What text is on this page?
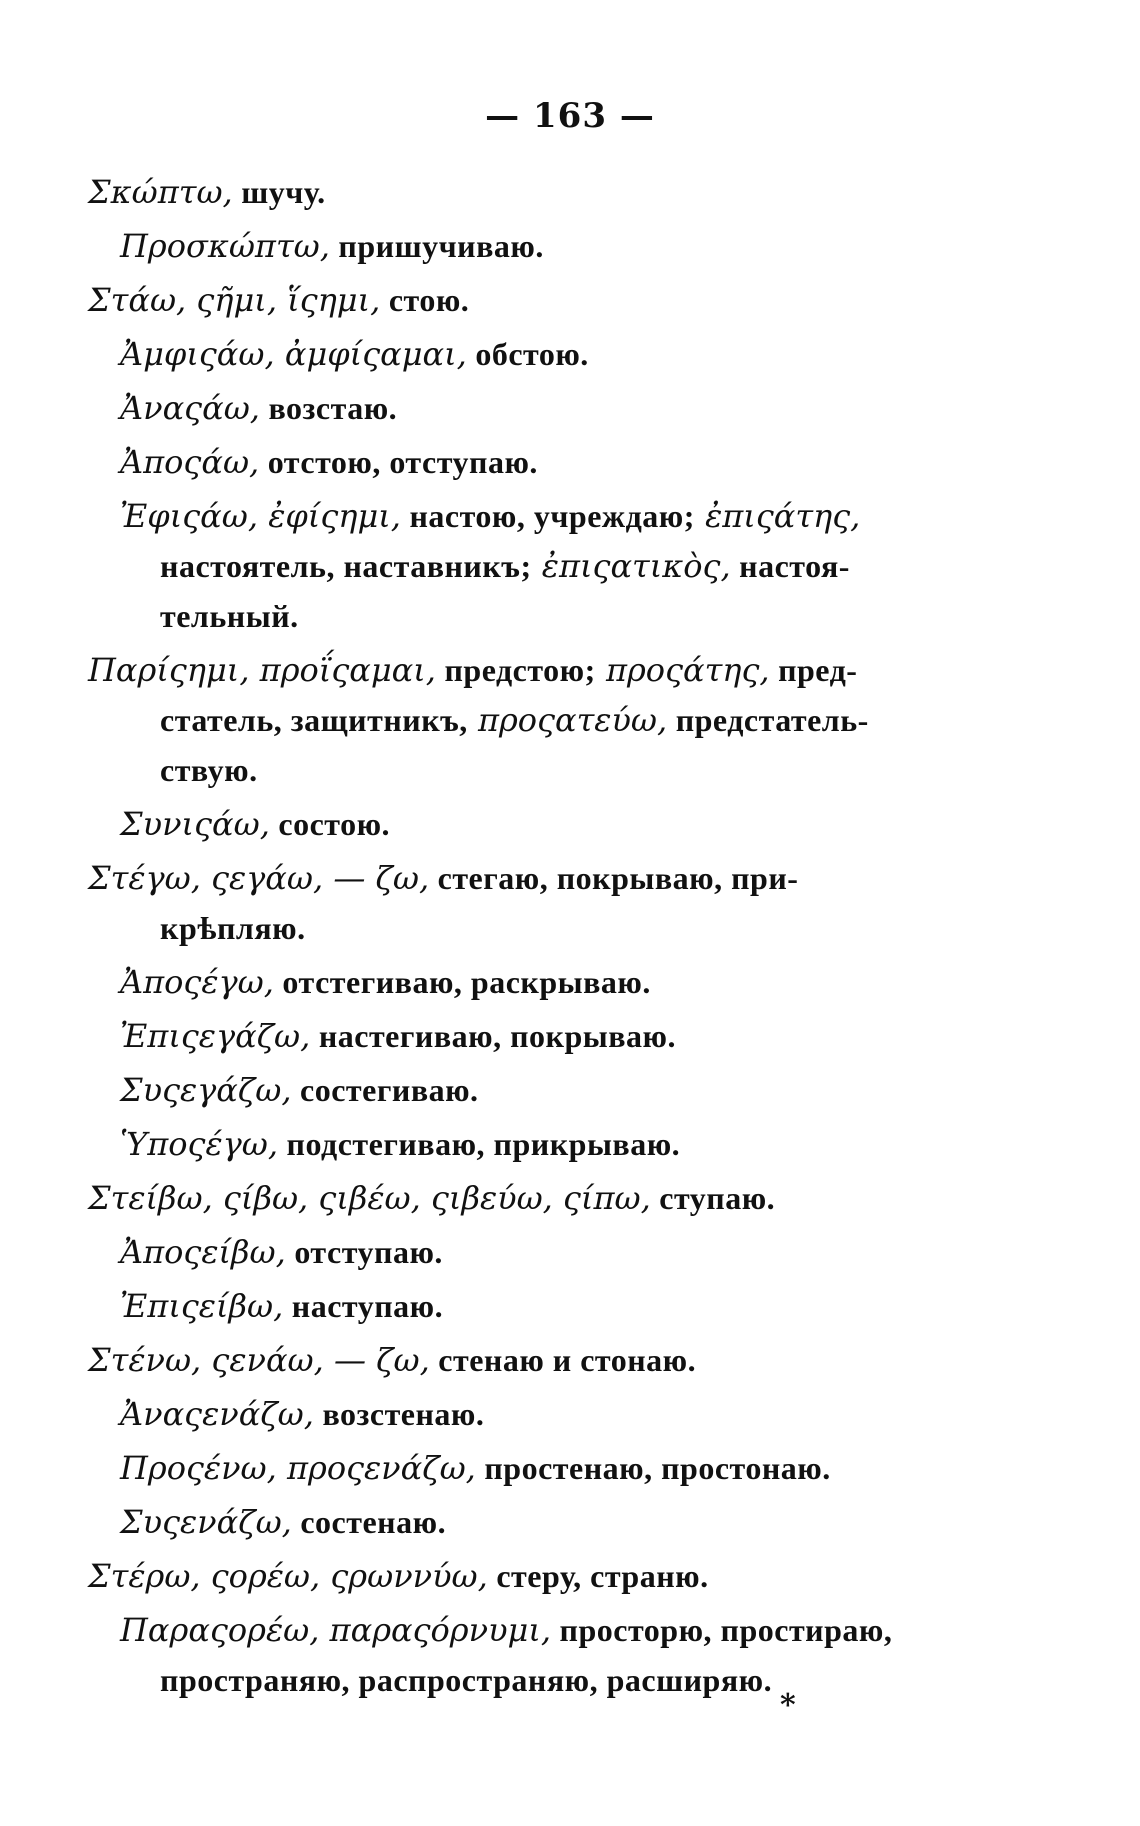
— 163 —
Σκώπτω, шучу.
Προσκώπτω, пришучиваю.
Στάω, ςῆμι, ἵςημι, стою.
Ἀμφιςάω, ἀμφίςαμαι, обстою.
Ἀναςάω, возстаю.
Ἀποςάω, отстою, отступаю.
Ἐφιςάω, ἐφίςημι, настою, учреждаю; ἐπιςάτης,
настоятель, наставникъ; ἐπιςατικὸς, настоя-
тельный.
Παρίςημι, προΐςαμαι, предстою; προςάτης, пред-
статель, защитникъ, προςατεύω, предстатель-
ствую.
Συνιςάω, состою.
Στέγω, ςεγάω, — ζω, стегаю, покрываю, при-
крѣпляю.
Ἀποςέγω, отстегиваю, раскрываю.
Ἐπιςεγάζω, настегиваю, покрываю.
Συςεγάζω, состегиваю.
Ὑποςέγω, подстегиваю, прикрываю.
Στείβω, ςίβω, ςιβέω, ςιβεύω, ςίπω, ступаю.
Ἀποςείβω, отступаю.
Ἐπιςείβω, наступаю.
Στένω, ςενάω, — ζω, стенаю и стонаю.
Ἀναςενάζω, возстенаю.
Προςένω, προςενάζω, простенаю, простонаю.
Συςενάζω, состенаю.
Στέρω, ςορέω, ςρωννύω, стеру, страню.
Παραςορέω, παραςόρνυμι, просторю, простираю,
пространяю, распространяю, расширяю.
*
